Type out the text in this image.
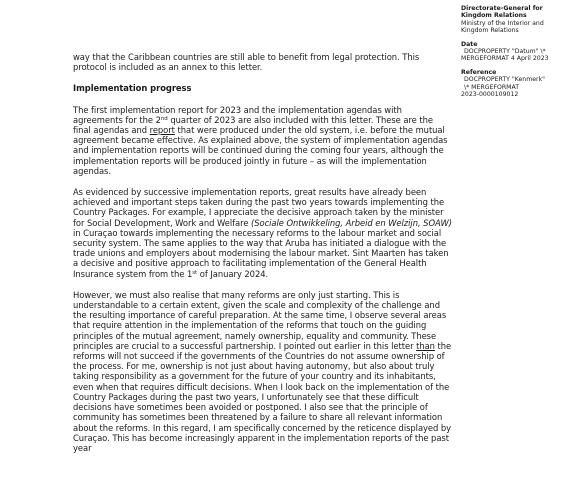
Directorate-General for
Kingdom Relations
Ministry of the Interior and
Kingdom Relations
Date
DOCPROPERTY "Datum" \*
MERGEFORMAT 4 April 2023
Reference
DOCPROPERTY "Kenmerk"
\* MERGEFORMAT
2023-0000109012

way that the Caribbean countries are still able to benefit from legal protection. This protocol is included as an annex to this letter.

Implementation progress

The first implementation report for 2023 and the implementation agendas with agreements for the 2nd quarter of 2023 are also included with this letter. These are the final agendas and report that were produced under the old system, i.e. before the mutual agreement became effective. As explained above, the system of implementation agendas and implementation reports will be continued during the coming four years, although the implementation reports will be produced jointly in future – as will the implementation agendas.

As evidenced by successive implementation reports, great results have already been achieved and important steps taken during the past two years towards implementing the Country Packages. For example, I appreciate the decisive approach taken by the minister for Social Development, Work and Welfare (Sociale Ontwikkeling, Arbeid en Welzijn, SOAW) in Curaçao towards implementing the necessary reforms to the labour market and social security system. The same applies to the way that Aruba has initiated a dialogue with the trade unions and employers about modernising the labour market. Sint Maarten has taken a decisive and positive approach to facilitating implementation of the General Health Insurance system from the 1st of January 2024.

However, we must also realise that many reforms are only just starting. This is understandable to a certain extent, given the scale and complexity of the challenge and the resulting importance of careful preparation. At the same time, I observe several areas that require attention in the implementation of the reforms that touch on the guiding principles of the mutual agreement, namely ownership, equality and community. These principles are crucial to a successful partnership. I pointed out earlier in this letter than the reforms will not succeed if the governments of the Countries do not assume ownership of the process. For me, ownership is not just about having autonomy, but also about truly taking responsibility as a government for the future of your country and its inhabitants, even when that requires difficult decisions. When I look back on the implementation of the Country Packages during the past two years, I unfortunately see that these difficult decisions have sometimes been avoided or postponed. I also see that the principle of community has sometimes been threatened by a failure to share all relevant information about the reforms. In this regard, I am specifically concerned by the reticence displayed by Curaçao. This has become increasingly apparent in the implementation reports of the past year
